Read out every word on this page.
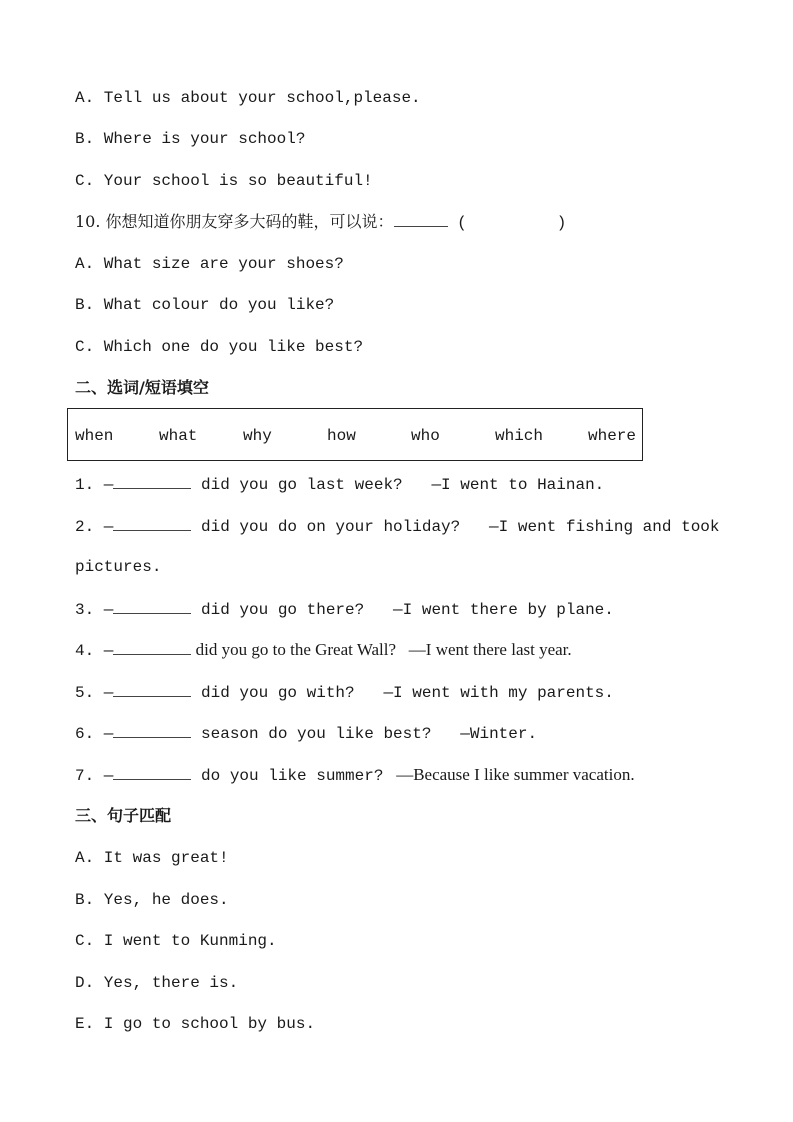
A. Tell us about your school,please.
B. Where is your school?
C. Your school is so beautiful!
10. 你想知道你朋友穿多大码的鞋，可以说：	(	)
A. What size are your shoes?
B. What colour do you like?
C. Which one do you like best?
二、选词/短语填空
when	what	why	how	who	which	where
1. —	did you go last week?   —I went to Hainan.
2. —	did you do on your holiday?   —I went fishing and took
pictures.
3. —	did you go there?   —I went there by plane.
4. —	did you go to the Great Wall?   —I went there last year.
5. —	did you go with?   —I went with my parents.
6. —	season do you like best?   —Winter.
7. —	do you like summer?   —Because I like summer vacation.
三、句子匹配
A. It was great!
B. Yes, he does.
C. I went to Kunming.
D. Yes, there is.
E. I go to school by bus.
